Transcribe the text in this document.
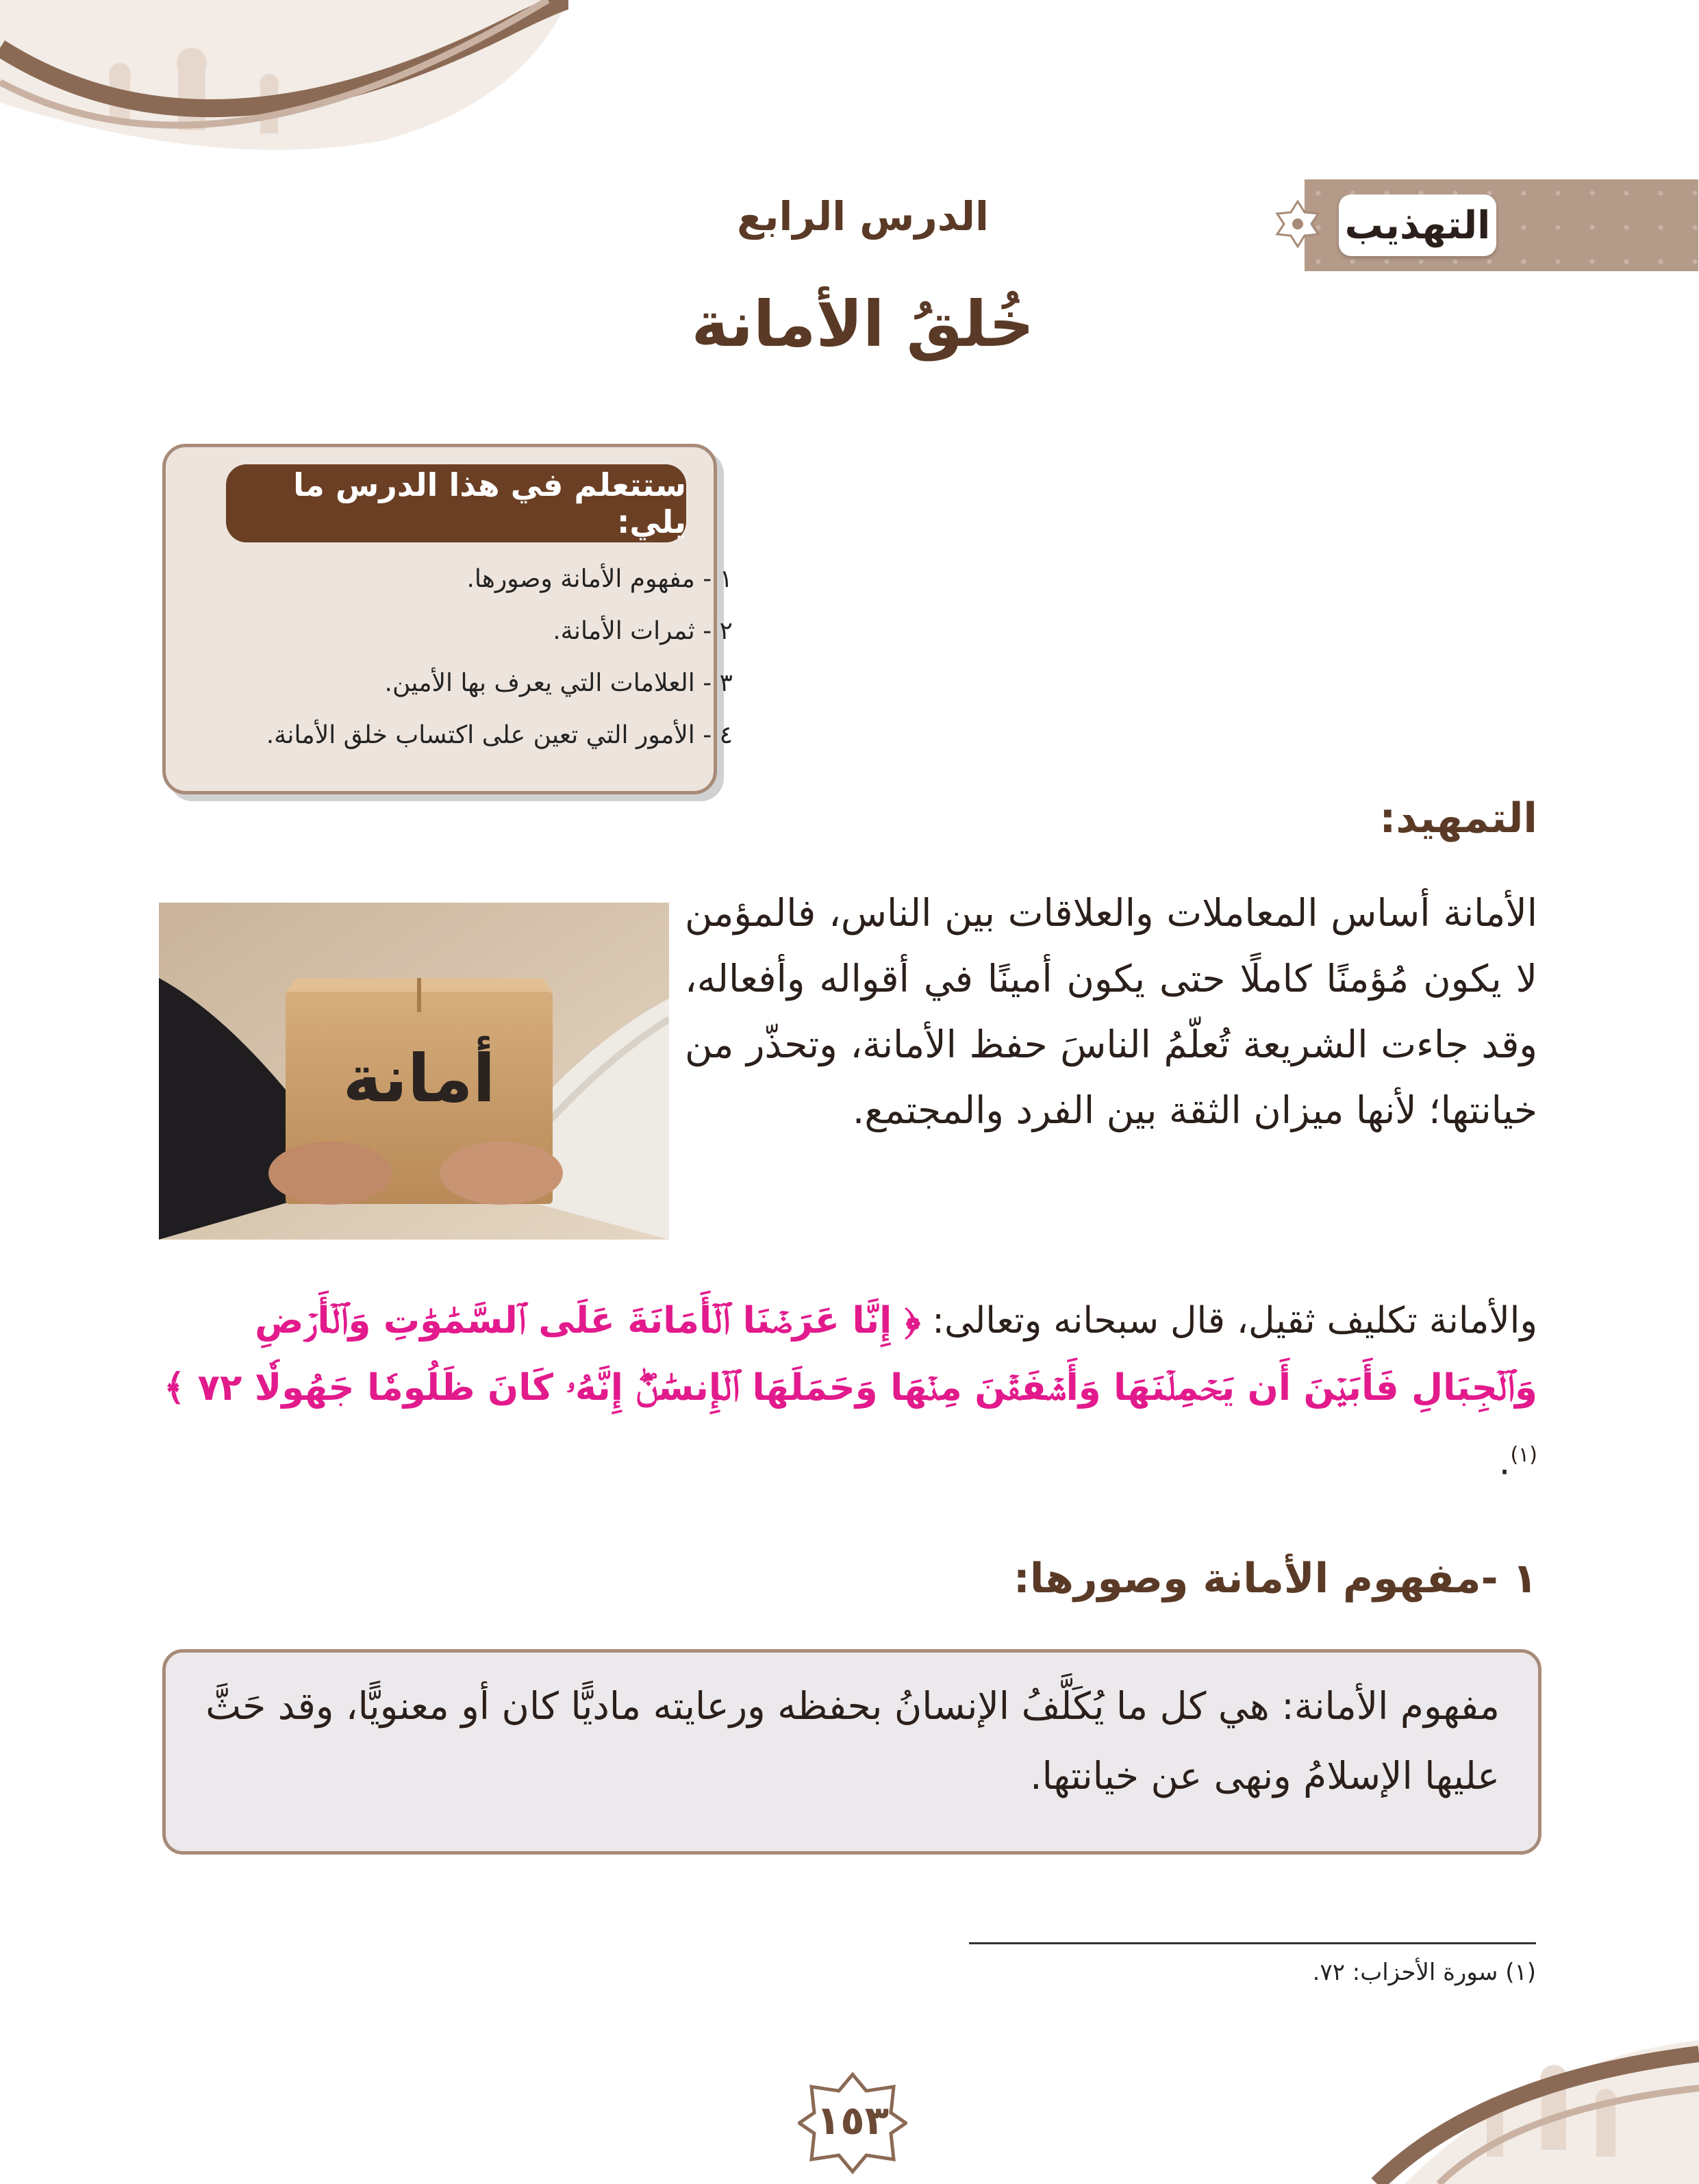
التهذيب
الدرس الرابع
خُلقُ الأمانة
ستتعلم في هذا الدرس ما يلي:
١ - مفهوم الأمانة وصورها.
٢ - ثمرات الأمانة.
٣ - العلامات التي يعرف بها الأمين.
٤ - الأمور التي تعين على اكتساب خلق الأمانة.
التمهيد:
أمانة
الأمانة أساس المعاملات والعلاقات بين الناس، فالمؤمن لا يكون مُؤمنًا كاملًا حتى يكون أمينًا في أقواله وأفعاله، وقد جاءت الشريعة تُعلّمُ الناسَ حفظ الأمانة، وتحذّر من خيانتها؛ لأنها ميزان الثقة بين الفرد والمجتمع.
والأمانة تكليف ثقيل، قال سبحانه وتعالى: ﴿ إِنَّا عَرَضۡنَا ٱلۡأَمَانَةَ عَلَى ٱلسَّمَٰوَٰتِ وَٱلۡأَرۡضِ وَٱلۡجِبَالِ فَأَبَيۡنَ أَن يَحۡمِلۡنَهَا وَأَشۡفَقۡنَ مِنۡهَا وَحَمَلَهَا ٱلۡإِنسَٰنُۖ إِنَّهُۥ كَانَ ظَلُومٗا جَهُولٗا ٧٢ ﴾$^{(١)}$.
١ -مفهوم الأمانة وصورها:
مفهوم الأمانة: هي كل ما يُكَلَّفُ الإنسانُ بحفظه ورعايته ماديًّا كان أو معنويًّا، وقد حَثَّ عليها الإسلامُ ونهى عن خيانتها.
(١) سورة الأحزاب: ٧٢.
١٥٣
